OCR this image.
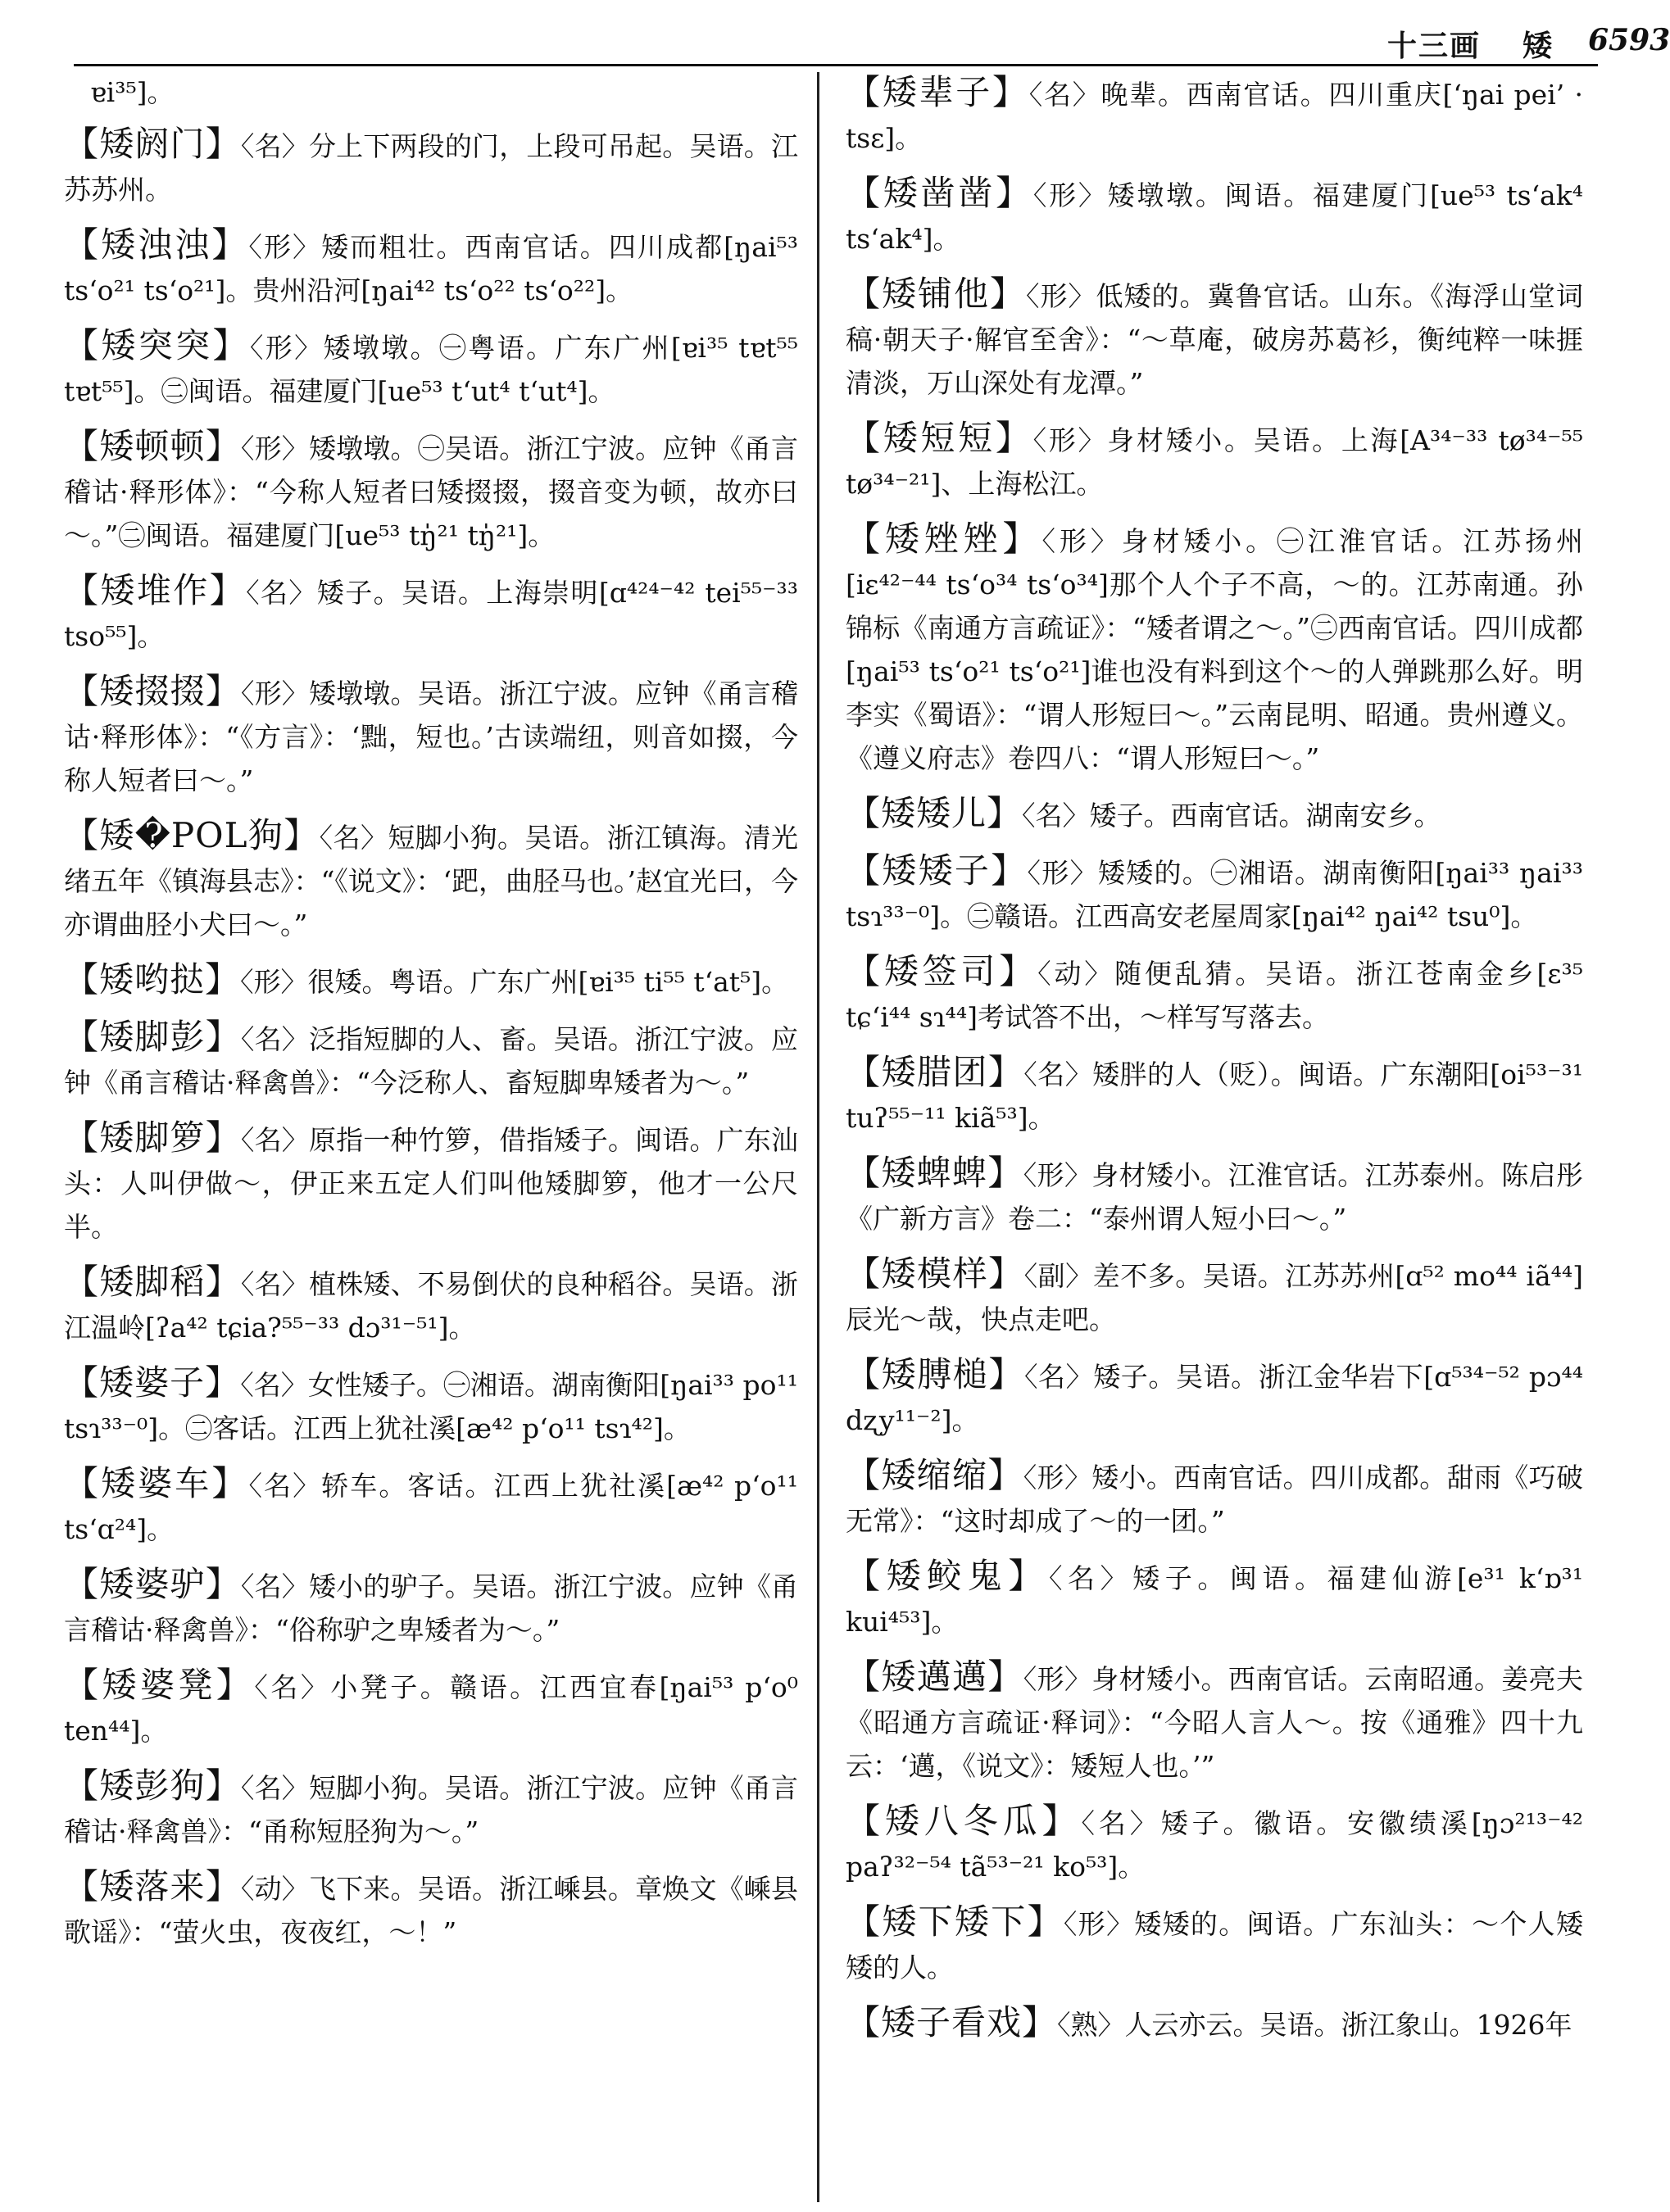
十三画 矮 6593
ɐi³⁵]。
【矮阏门】〈名〉分上下两段的门，上段可吊起。吴语。江苏苏州。
【矮浊浊】〈形〉矮而粗壮。西南官话。四川成都[ŋai⁵³ ts‘o²¹ ts‘o²¹]。贵州沿河[ŋai⁴² ts‘o²² ts‘o²²]。
【矮突突】〈形〉矮墩墩。㊀粤语。广东广州[ɐi³⁵ tɐt⁵⁵ tɐt⁵⁵]。㊁闽语。福建厦门[ue⁵³ t‘ut⁴ t‘ut⁴]。
【矮顿顿】〈形〉矮墩墩。㊀吴语。浙江宁波。应钟《甬言稽诂·释形体》：“今称人短者曰矮掇掇，掇音变为顿，故亦曰～。”㊁闽语。福建厦门[ue⁵³ tŋ̍²¹ tŋ̍²¹]。
【矮堆作】〈名〉矮子。吴语。上海崇明[ɑ⁴²⁴⁻⁴² tei⁵⁵⁻³³ tso⁵⁵]。
【矮掇掇】〈形〉矮墩墩。吴语。浙江宁波。应钟《甬言稽诂·释形体》：“《方言》：‘黜，短也。’古读端纽，则音如掇，今称人短者曰～。”
【矮�POL狗】〈名〉短脚小狗。吴语。浙江镇海。清光绪五年《镇海县志》：“《说文》：‘跁，曲胫马也。’赵宜光曰，今亦谓曲胫小犬曰～。”
【矮哟挞】〈形〉很矮。粤语。广东广州[ɐi³⁵ ti⁵⁵ t‘at⁵]。
【矮脚彭】〈名〉泛指短脚的人、畜。吴语。浙江宁波。应钟《甬言稽诂·释禽兽》：“今泛称人、畜短脚卑矮者为～。”
【矮脚箩】〈名〉原指一种竹箩，借指矮子。闽语。广东汕头：人叫伊做～，伊正来五定人们叫他矮脚箩，他才一公尺半。
【矮脚稻】〈名〉植株矮、不易倒伏的良种稻谷。吴语。浙江温岭[ʔa⁴² tɕia?⁵⁵⁻³³ dɔ³¹⁻⁵¹]。
【矮婆子】〈名〉女性矮子。㊀湘语。湖南衡阳[ŋai³³ po¹¹ tsɿ³³⁻⁰]。㊁客话。江西上犹社溪[æ⁴² p‘o¹¹ tsɿ⁴²]。
【矮婆车】〈名〉轿车。客话。江西上犹社溪[æ⁴² p‘o¹¹ ts‘ɑ²⁴]。
【矮婆驴】〈名〉矮小的驴子。吴语。浙江宁波。应钟《甬言稽诂·释禽兽》：“俗称驴之卑矮者为～。”
【矮婆凳】〈名〉小凳子。赣语。江西宜春[ŋai⁵³ p‘o⁰ ten⁴⁴]。
【矮彭狗】〈名〉短脚小狗。吴语。浙江宁波。应钟《甬言稽诂·释禽兽》：“甬称短胫狗为～。”
【矮落来】〈动〉飞下来。吴语。浙江嵊县。章焕文《嵊县歌谣》：“萤火虫，夜夜红，～！”
【矮辈子】〈名〉晚辈。西南官话。四川重庆[‘ŋai pei’ · tsɛ]。
【矮凿凿】〈形〉矮墩墩。闽语。福建厦门[ue⁵³ ts‘ak⁴ ts‘ak⁴]。
【矮铺他】〈形〉低矮的。冀鲁官话。山东。《海浮山堂词稿·朝天子·解官至舍》：“～草庵，破房苏葛衫，衡纯粹一味捱清淡，万山深处有龙潭。”
【矮短短】〈形〉身材矮小。吴语。上海[A³⁴⁻³³ tø³⁴⁻⁵⁵ tø³⁴⁻²¹]、上海松江。
【矮矬矬】〈形〉身材矮小。㊀江淮官话。江苏扬州[iɛ⁴²⁻⁴⁴ ts‘o³⁴ ts‘o³⁴]那个人个子不高，～的。江苏南通。孙锦标《南通方言疏证》：“矮者谓之～。”㊁西南官话。四川成都[ŋai⁵³ ts‘o²¹ ts‘o²¹]谁也没有料到这个～的人弹跳那么好。明李实《蜀语》：“谓人形短曰～。”云南昆明、昭通。贵州遵义。《遵义府志》卷四八：“谓人形短曰～。”
【矮矮儿】〈名〉矮子。西南官话。湖南安乡。
【矮矮子】〈形〉矮矮的。㊀湘语。湖南衡阳[ŋai³³ ŋai³³ tsɿ³³⁻⁰]。㊁赣语。江西高安老屋周家[ŋai⁴² ŋai⁴² tsu⁰]。
【矮签司】〈动〉随便乱猜。吴语。浙江苍南金乡[ɛ³⁵ tɕ‘i⁴⁴ sɿ⁴⁴]考试答不出，～样写写落去。
【矮腊团】〈名〉矮胖的人（贬）。闽语。广东潮阳[oi⁵³⁻³¹ tuʔ⁵⁵⁻¹¹ kiã⁵³]。
【矮蜱蜱】〈形〉身材矮小。江淮官话。江苏泰州。陈启彤《广新方言》卷二：“泰州谓人短小曰～。”
【矮模样】〈副〉差不多。吴语。江苏苏州[ɑ⁵² mo⁴⁴ iã⁴⁴]辰光～哉，快点走吧。
【矮膊槌】〈名〉矮子。吴语。浙江金华岩下[ɑ⁵³⁴⁻⁵² pɔ⁴⁴ dʐy¹¹⁻²]。
【矮缩缩】〈形〉矮小。西南官话。四川成都。甜雨《巧破无常》：“这时却成了～的一团。”
【矮鲛鬼】〈名〉矮子。闽语。福建仙游[e³¹ k‘ɒ³¹ kui⁴⁵³]。
【矮邁邁】〈形〉身材矮小。西南官话。云南昭通。姜亮夫《昭通方言疏证·释词》：“今昭人言人～。按《通雅》四十九云：‘邁，《说文》：矮短人也。’”
【矮八冬瓜】〈名〉矮子。徽语。安徽绩溪[ŋɔ²¹³⁻⁴² paʔ³²⁻⁵⁴ tã⁵³⁻²¹ ko⁵³]。
【矮下矮下】〈形〉矮矮的。闽语。广东汕头：～个人矮矮的人。
【矮子看戏】〈熟〉人云亦云。吴语。浙江象山。1926年
